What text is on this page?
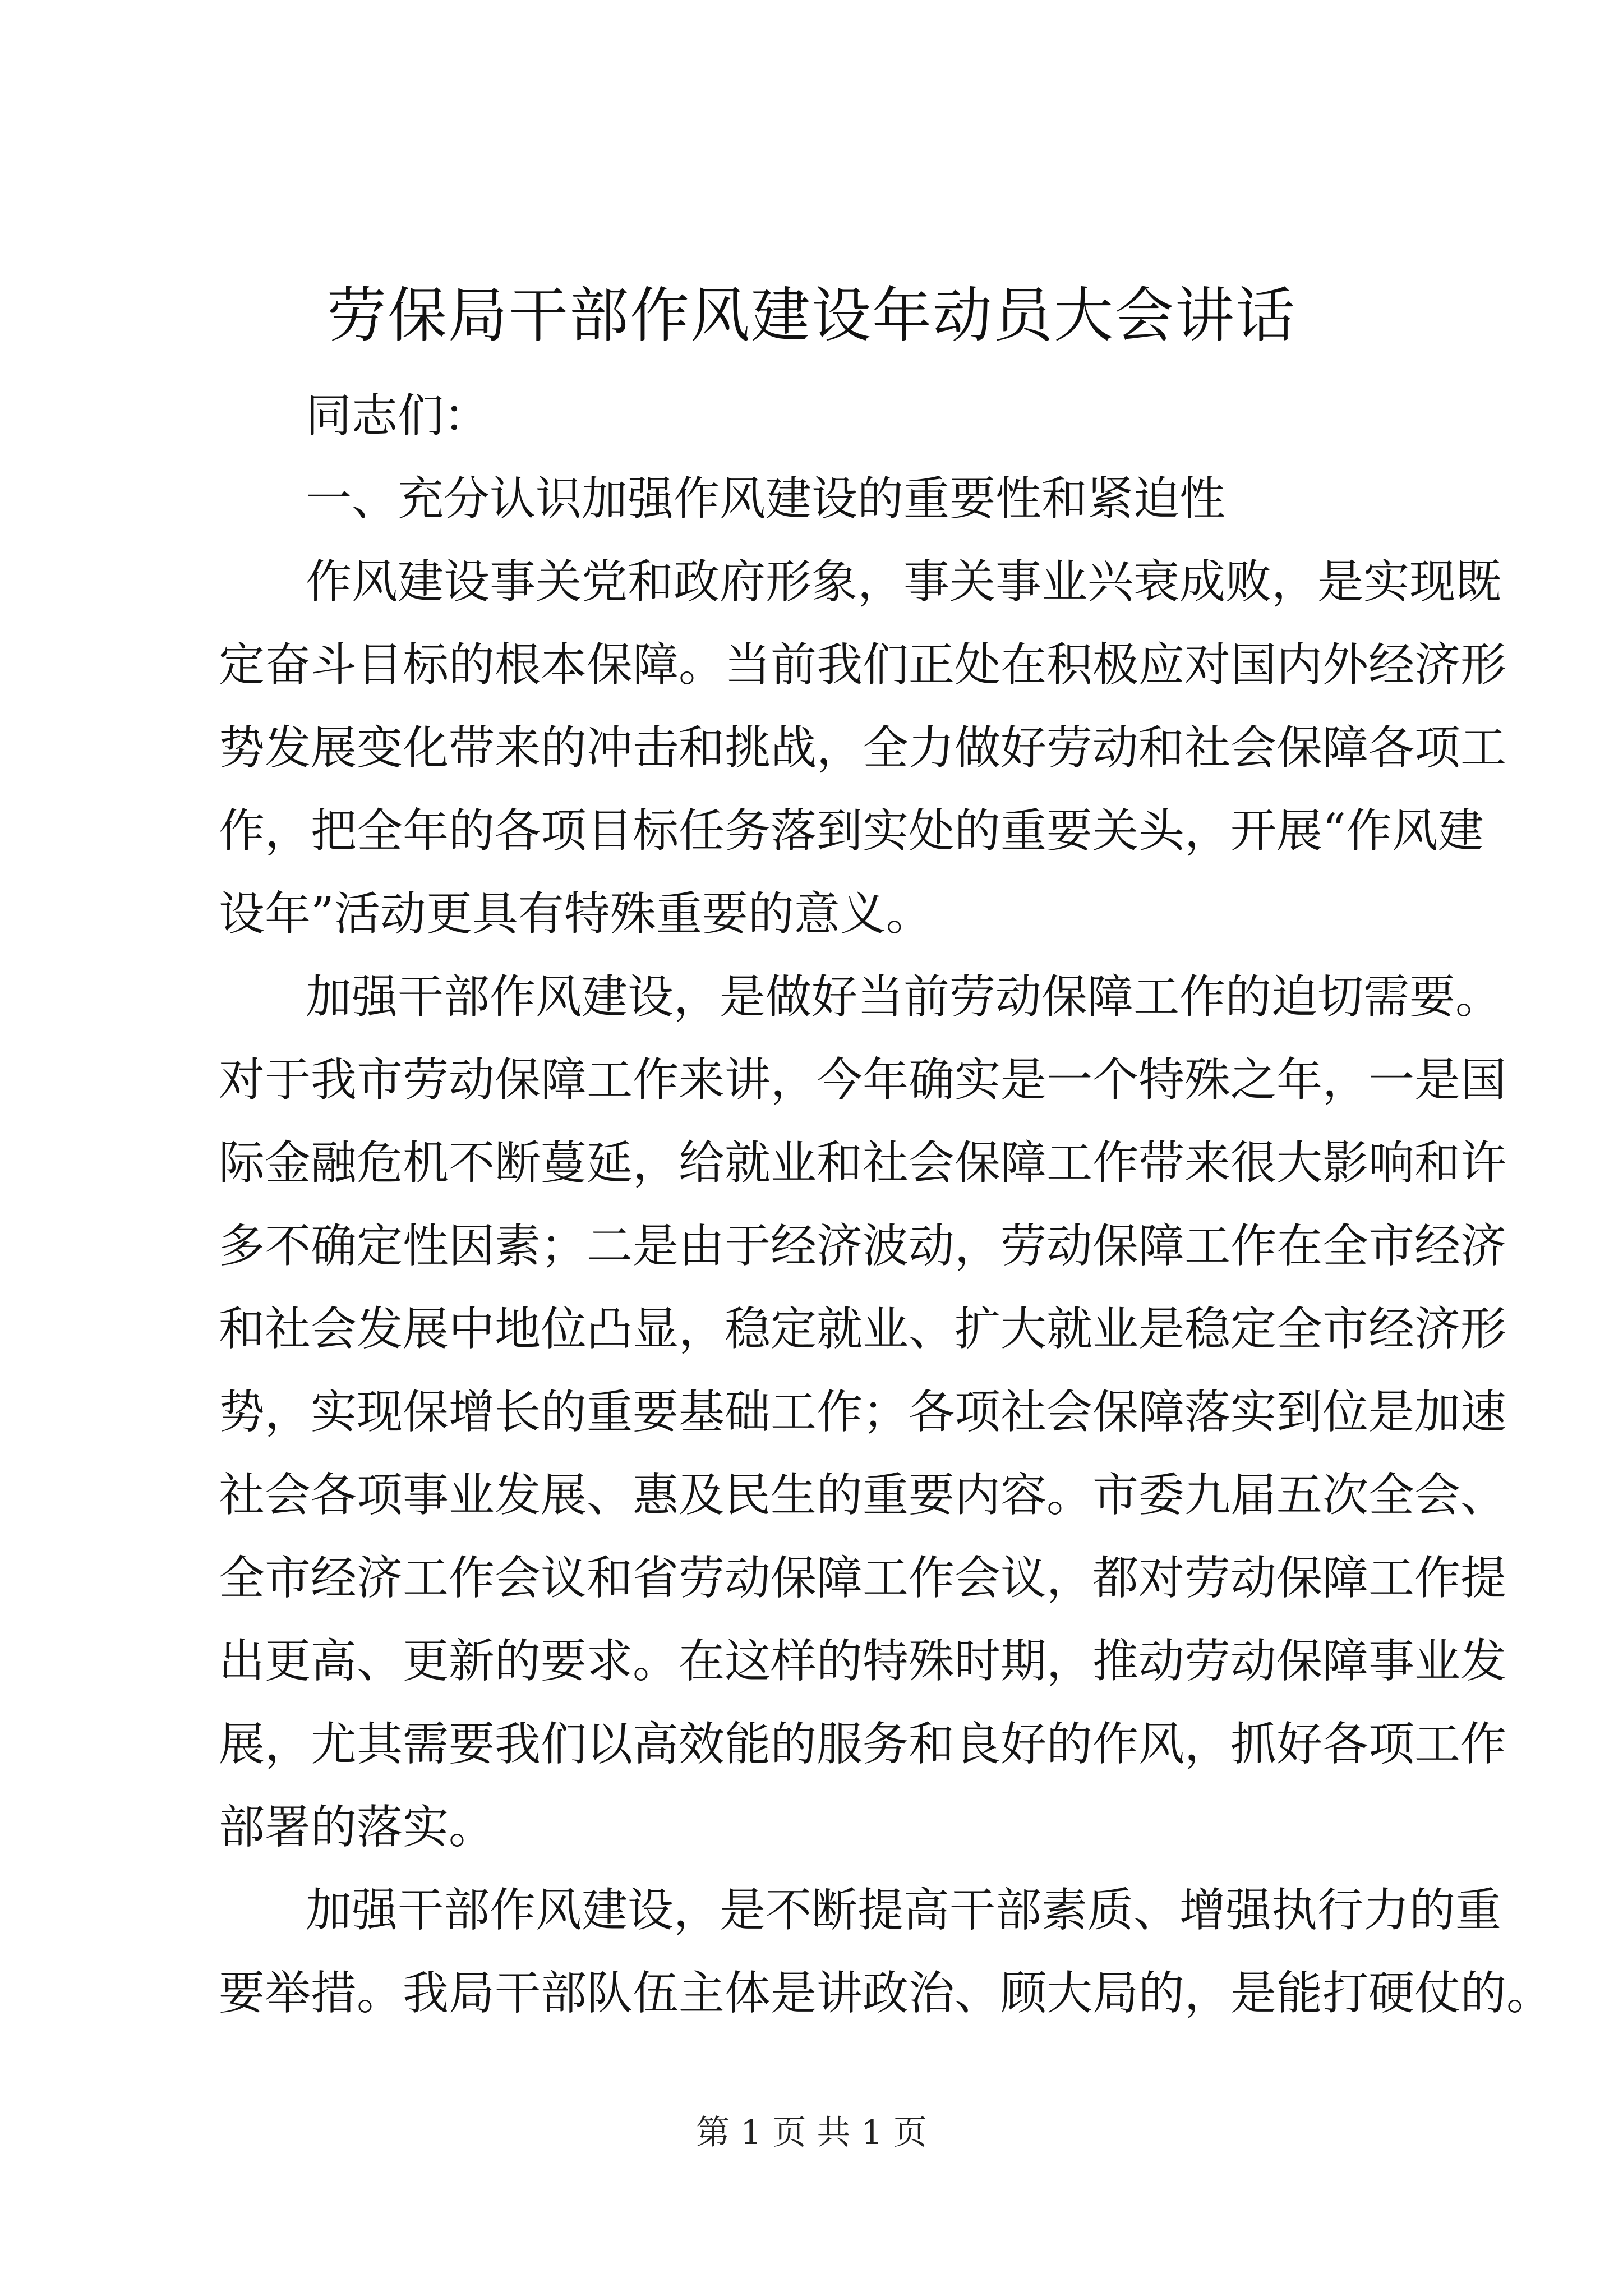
劳保局干部作风建设年动员大会讲话

同志们：

一、充分认识加强作风建设的重要性和紧迫性

作风建设事关党和政府形象，事关事业兴衰成败，是实现既

定奋斗目标的根本保障。当前我们正处在积极应对国内外经济形

势发展变化带来的冲击和挑战，全力做好劳动和社会保障各项工

作，把全年的各项目标任务落到实处的重要关头，开展“作风建

设年”活动更具有特殊重要的意义。

加强干部作风建设，是做好当前劳动保障工作的迫切需要。

对于我市劳动保障工作来讲，今年确实是一个特殊之年，一是国

际金融危机不断蔓延，给就业和社会保障工作带来很大影响和许

多不确定性因素；二是由于经济波动，劳动保障工作在全市经济

和社会发展中地位凸显，稳定就业、扩大就业是稳定全市经济形

势，实现保增长的重要基础工作；各项社会保障落实到位是加速

社会各项事业发展、惠及民生的重要内容。市委九届五次全会、

全市经济工作会议和省劳动保障工作会议，都对劳动保障工作提

出更高、更新的要求。在这样的特殊时期，推动劳动保障事业发

展，尤其需要我们以高效能的服务和良好的作风，抓好各项工作

部署的落实。

加强干部作风建设，是不断提高干部素质、增强执行力的重

要举措。我局干部队伍主体是讲政治、顾大局的，是能打硬仗的。

第 1 页 共 1 页
